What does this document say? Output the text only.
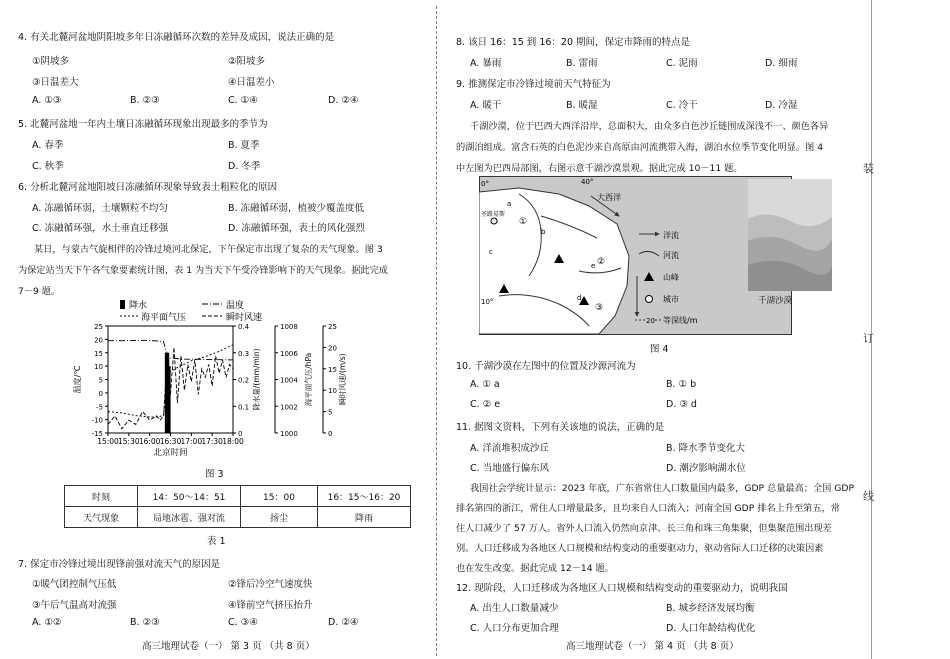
4. 有关北麓河盆地阴阳坡多年日冻融循环次数的差异及成因，说法正确的是
①阴坡多	②阳坡多
③日温差大	④日温差小
A. ①③	B. ②③	C. ①④	D. ②④
5. 北麓河盆地一年内土壤日冻融循环现象出现最多的季节为
A. 春季	B. 夏季
C. 秋季	D. 冬季
6. 分析北麓河盆地阳坡日冻融循环现象导致表土粗粒化的原因
A. 冻融循环弱，土壤颗粒不均匀	B. 冻融循环弱，植被少覆盖度低
C. 冻融循环强，水土垂直迁移强	D. 冻融循环强，表土的风化强烈
某日，与蒙古气旋相伴的冷锋过境河北保定，下午保定市出现了复杂的天气现象。图 3
为保定站当天下午各气象要素统计图，表 1 为当天下午受冷锋影响下的天气现象。据此完成
7－9 题。
降水	温度
海平面气压	瞬时风速
15:00 15:30 16:00 16:30 17:00 17:30 18:00
北京时间
-15
-10
-5
0
5
10
15
20
25
温度/℃
0
0.1
0.2
0.3
0.4
降水量/(mm/min)
1000
1002
1004
1006
1008
海平面气压/hPa
0
5
10
15
20
25
瞬时风速/(m/s)
图 3
时刻	14：50～14：51	15：00	16：15～16：20
天气现象	局地冰雹、强对流	扬尘	降雨
表 1
7. 保定市冷锋过境出现锋前强对流天气的原因是
①暖气团控制气压低	②锋后冷空气速度快
③午后气温高对流强	④锋前空气挤压抬升
A. ①②	B. ②③	C. ③④	D. ②④
高三地理试卷（一） 第 3 页 （共 8 页）
8. 该日 16：15 到 16：20 期间，保定市降雨的特点是
A. 暴雨	B. 雷雨	C. 泥雨	D. 细雨
9. 推测保定市冷锋过境前天气特征为
A. 暖干	B. 暖湿	C. 冷干	D. 冷湿
千湖沙漠，位于巴西大西洋沿岸，总面积大，由众多白色沙丘链围成深浅不一、颜色各异
的湖泊组成。富含石英的白色泥沙来自高原由河流携带入海，湖泊水位季节变化明显。图 4
中左图为巴西局部图，右图示意千湖沙漠景观。据此完成 10－11 题。
0°	40°
大西洋
10°
圣路易斯
①
②
③
a
b
c
d
e
洋流
河流
山峰
城市
20 等深线/m
千湖沙漠
图 4
10. 千湖沙漠在左图中的位置及沙源河流为
A. ① a	B. ① b
C. ② e	D. ③ d
11. 据图文资料，下列有关该地的说法，正确的是
A. 洋流堆积成沙丘	B. 降水季节变化大
C. 当地盛行偏东风	D. 潮汐影响湖水位
我国社会学统计显示：2023 年底，广东省常住人口数量国内最多，GDP 总量最高；全国 GDP
排名第四的浙江，常住人口增量最多，且均来自人口流入；河南全国 GDP 排名上升至第五，常
住人口减少了 57 万人。省外人口流入仍然向京津、长三角和珠三角集聚，但集聚范围出现差
别。人口迁移成为各地区人口规模和结构变动的重要驱动力，驱动省际人口迁移的决策因素
也在发生改变。据此完成 12－14 题。
12. 现阶段，人口迁移成为各地区人口规模和结构变动的重要驱动力，说明我国
A. 出生人口数量减少	B. 城乡经济发展均衡
C. 人口分布更加合理	D. 人口年龄结构优化
高三地理试卷（一） 第 4 页 （共 8 页）
装
订
线
